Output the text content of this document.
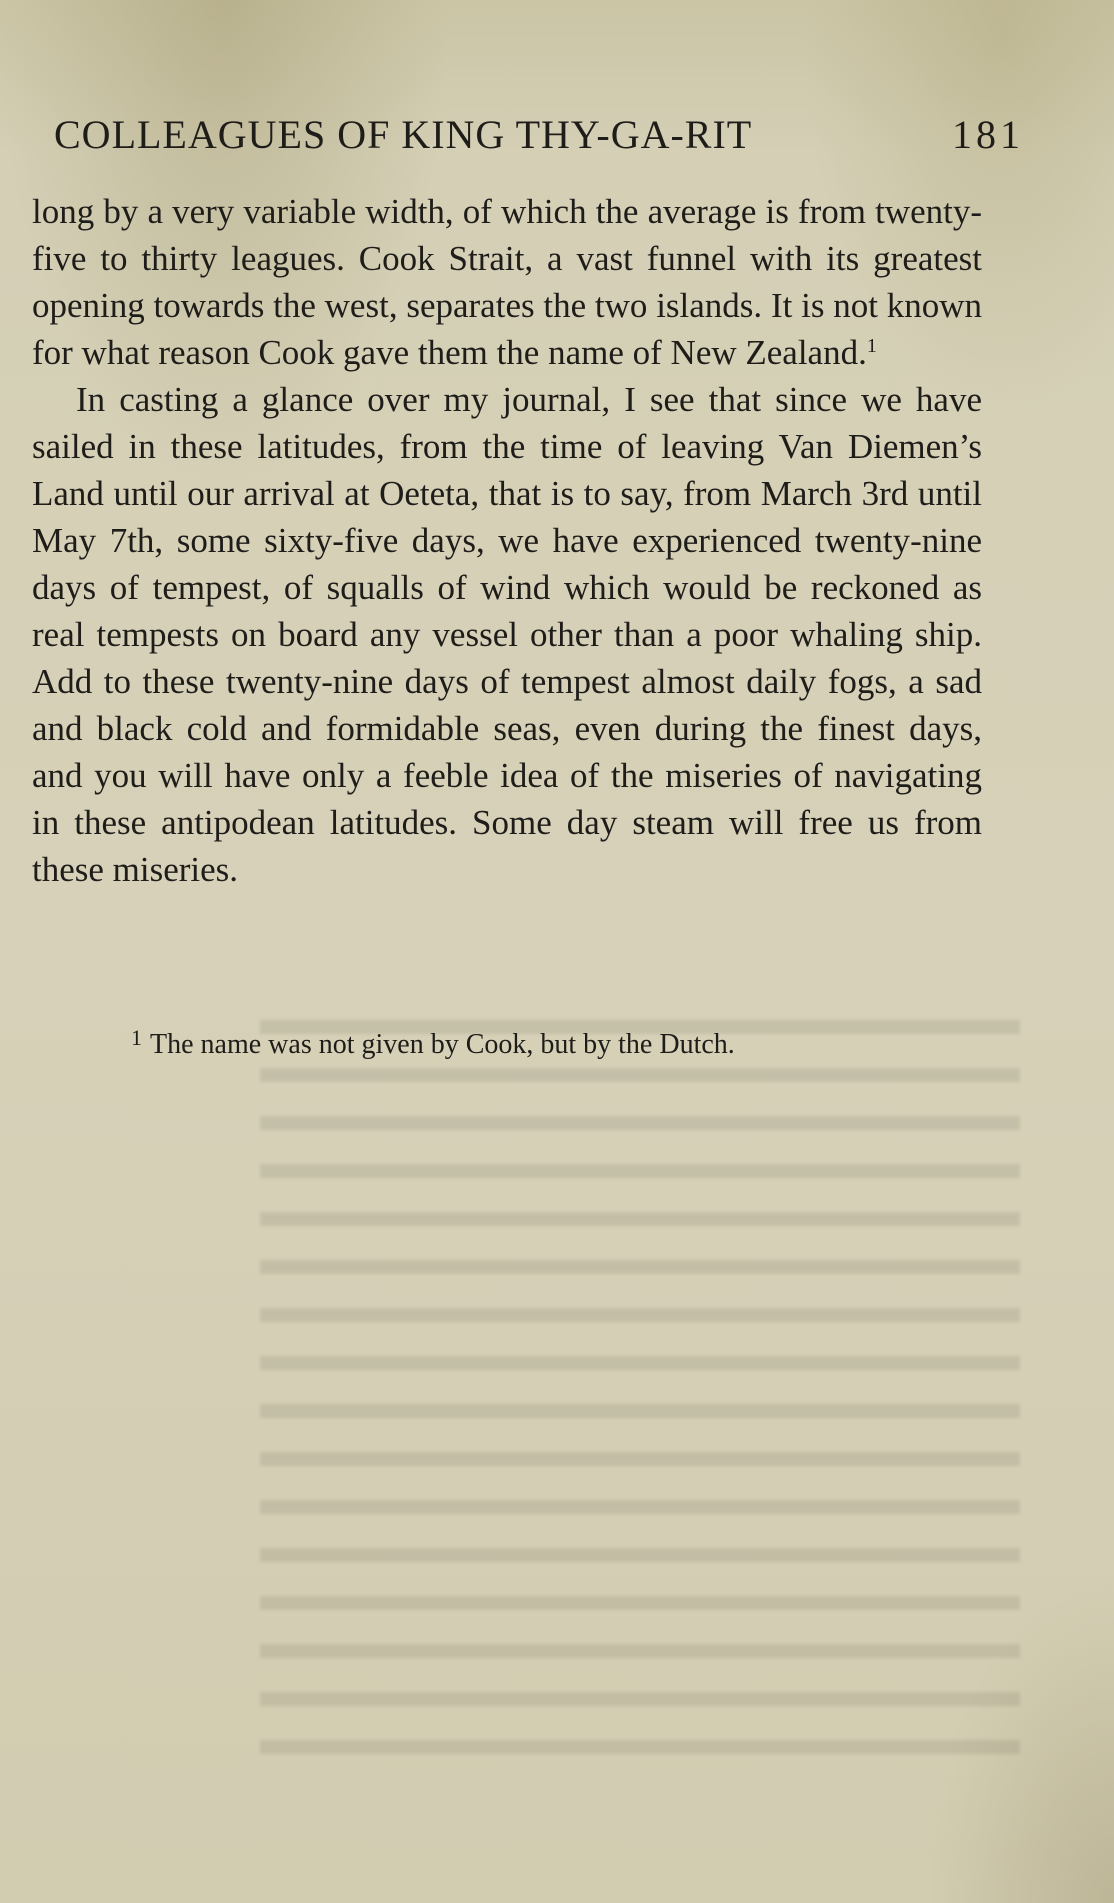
COLLEAGUES OF KING THY-GA-RIT	181

long by a very variable width, of which the average is from twenty-five to thirty leagues. Cook Strait, a vast funnel with its greatest opening towards the west, separates the two islands. It is not known for what reason Cook gave them the name of New Zealand.$^1$

In casting a glance over my journal, I see that since we have sailed in these latitudes, from the time of leaving Van Diemen’s Land until our arrival at Oeteta, that is to say, from March 3rd until May 7th, some sixty-five days, we have experienced twenty-nine days of tempest, of squalls of wind which would be reckoned as real tempests on board any vessel other than a poor whaling ship. Add to these twenty-nine days of tempest almost daily fogs, a sad and black cold and formidable seas, even during the finest days, and you will have only a feeble idea of the miseries of navigating in these antipodean latitudes. Some day steam will free us from these miseries.

$^1$ The name was not given by Cook, but by the Dutch.
